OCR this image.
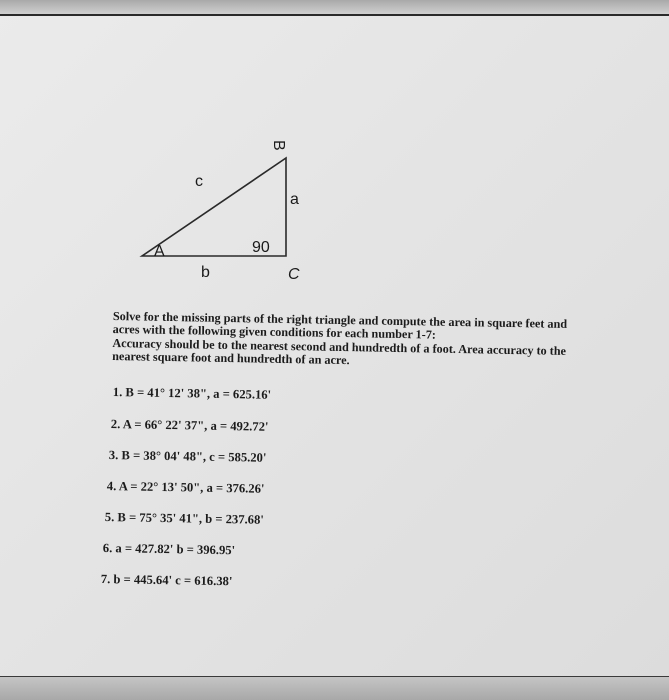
A
B
c
a
90
b	C

Solve for the missing parts of the right triangle and compute the area in square feet and acres with the following given conditions for each number 1-7:

Accuracy should be to the nearest second and hundredth of a foot. Area accuracy to the nearest square foot and hundredth of an acre.

1. B = 41° 12' 38", a = 625.16'
2. A = 66° 22' 37", a = 492.72'
3. B = 38° 04' 48", c = 585.20'
4. A = 22° 13' 50", a = 376.26'
5. B = 75° 35' 41", b = 237.68'
6. a = 427.82' b = 396.95'
7. b = 445.64' c = 616.38'
